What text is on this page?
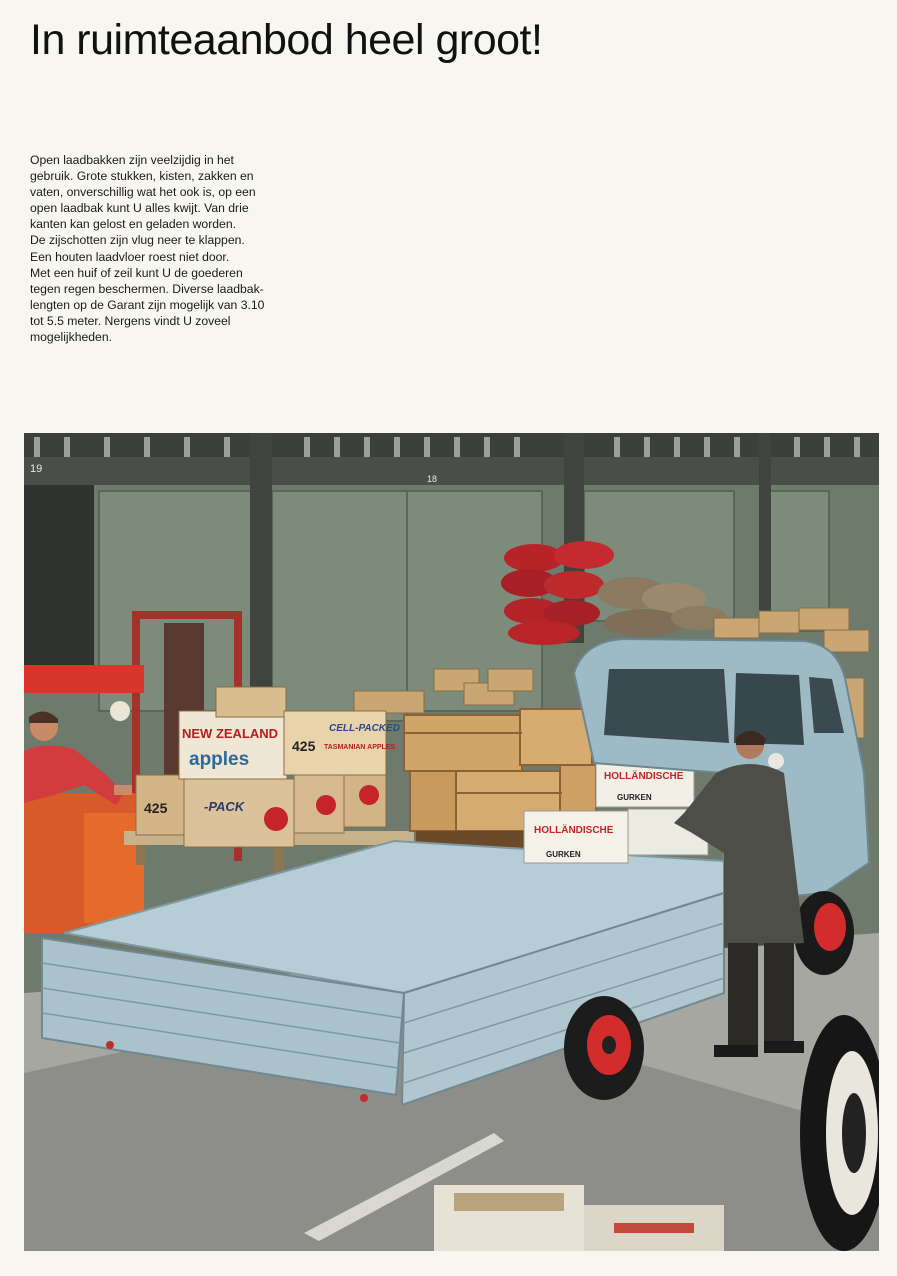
In ruimteaanbod heel groot!
Open laadbakken zijn veelzijdig in het
gebruik. Grote stukken, kisten, zakken en
vaten, onverschillig wat het ook is, op een
open laadbak kunt U alles kwijt. Van drie
kanten kan gelost en geladen worden.
De zijschotten zijn vlug neer te klappen.
Een houten laadvloer roest niet door.
Met een huif of zeil kunt U de goederen
tegen regen beschermen. Diverse laadbak-
lengten op de Garant zijn mogelijk van 3.10
tot 5.5 meter. Nergens vindt U zoveel
mogelijkheden.
19
18
NEW ZEALAND
apples
CELL-PACKED
TASMANIAN APPLES
425
425	-PACK
HOLLÄNDISCHE
GURKEN
HOLLÄNDISCHE
GURKEN
